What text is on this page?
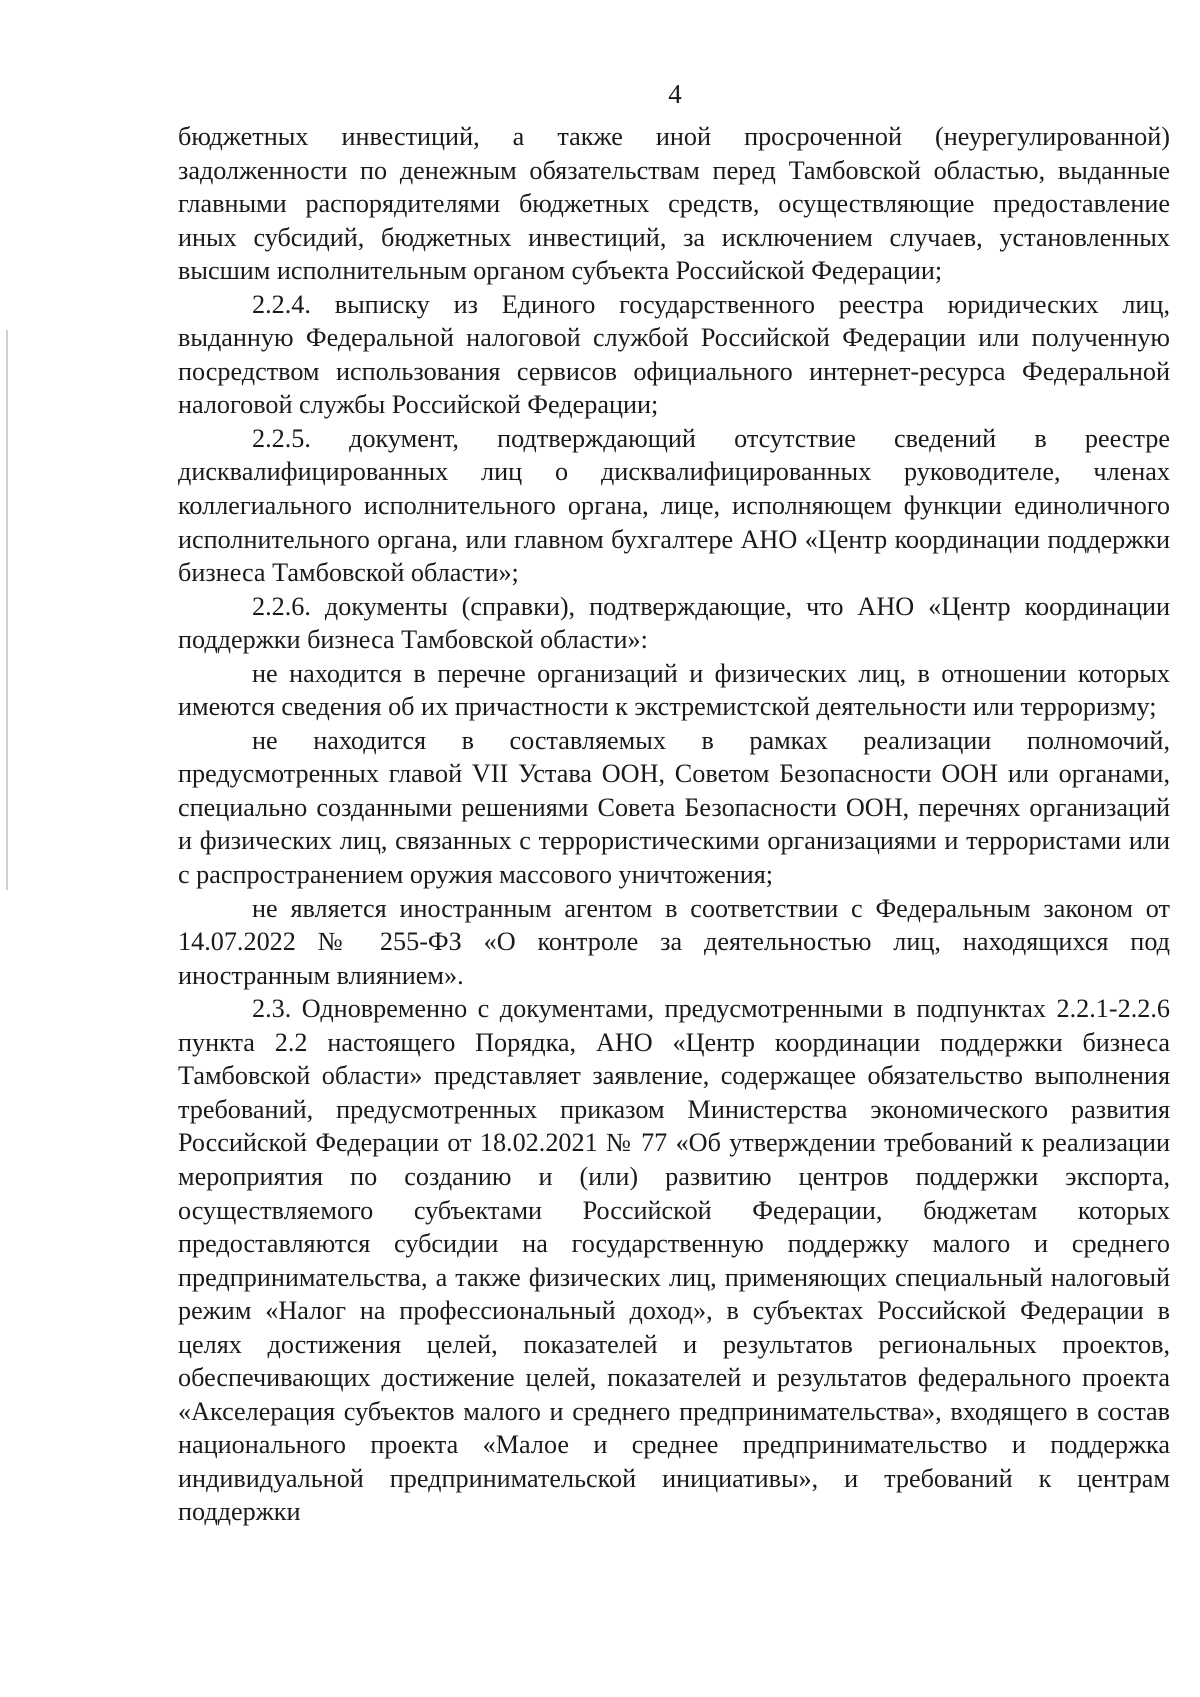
4

бюджетных инвестиций, а также иной просроченной (неурегулированной) задолженности по денежным обязательствам перед Тамбовской областью, выданные главными распорядителями бюджетных средств, осуществляющие предоставление иных субсидий, бюджетных инвестиций, за исключением случаев, установленных высшим исполнительным органом субъекта Российской Федерации;

2.2.4. выписку из Единого государственного реестра юридических лиц, выданную Федеральной налоговой службой Российской Федерации или полученную посредством использования сервисов официального интернет-ресурса Федеральной налоговой службы Российской Федерации;

2.2.5. документ, подтверждающий отсутствие сведений в реестре дисквалифицированных лиц о дисквалифицированных руководителе, членах коллегиального исполнительного органа, лице, исполняющем функции единоличного исполнительного органа, или главном бухгалтере АНО «Центр координации поддержки бизнеса Тамбовской области»;

2.2.6. документы (справки), подтверждающие, что АНО «Центр координации поддержки бизнеса Тамбовской области»:

не находится в перечне организаций и физических лиц, в отношении которых имеются сведения об их причастности к экстремистской деятельности или терроризму;

не находится в составляемых в рамках реализации полномочий, предусмотренных главой VII Устава ООН, Советом Безопасности ООН или органами, специально созданными решениями Совета Безопасности ООН, перечнях организаций и физических лиц, связанных с террористическими организациями и террористами или с распространением оружия массового уничтожения;

не является иностранным агентом в соответствии с Федеральным законом от 14.07.2022 № 255-ФЗ «О контроле за деятельностью лиц, находящихся под иностранным влиянием».

2.3. Одновременно с документами, предусмотренными в подпунктах 2.2.1-2.2.6 пункта 2.2 настоящего Порядка, АНО «Центр координации поддержки бизнеса Тамбовской области» представляет заявление, содержащее обязательство выполнения требований, предусмотренных приказом Министерства экономического развития Российской Федерации от 18.02.2021 № 77 «Об утверждении требований к реализации мероприятия по созданию и (или) развитию центров поддержки экспорта, осуществляемого субъектами Российской Федерации, бюджетам которых предоставляются субсидии на государственную поддержку малого и среднего предпринимательства, а также физических лиц, применяющих специальный налоговый режим «Налог на профессиональный доход», в субъектах Российской Федерации в целях достижения целей, показателей и результатов региональных проектов, обеспечивающих достижение целей, показателей и результатов федерального проекта «Акселерация субъектов малого и среднего предпринимательства», входящего в состав национального проекта «Малое и среднее предпринимательство и поддержка индивидуальной предпринимательской инициативы», и требований к центрам поддержки
